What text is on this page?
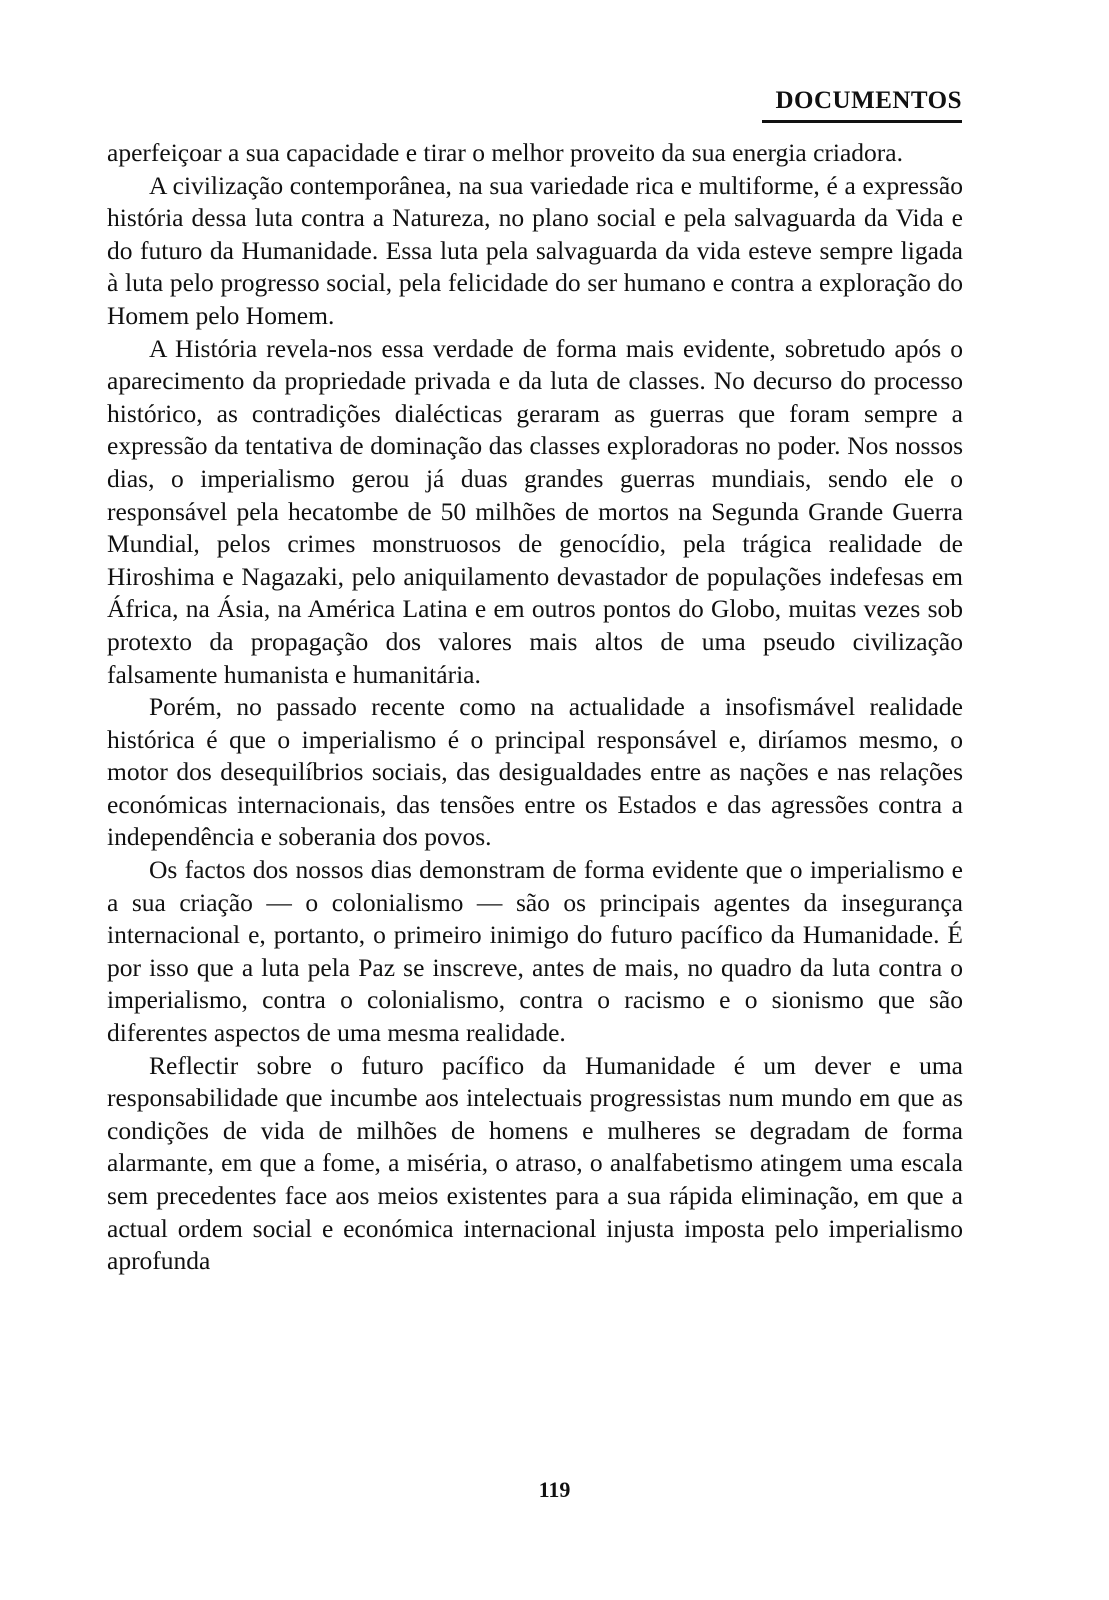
DOCUMENTOS

aperfeiçoar a sua capacidade e tirar o melhor proveito da sua energia criadora.

A civilização contemporânea, na sua variedade rica e multiforme, é a expressão história dessa luta contra a Natureza, no plano social e pela salvaguarda da Vida e do futuro da Humanidade. Essa luta pela salvaguarda da vida esteve sempre ligada à luta pelo progresso social, pela felicidade do ser humano e contra a exploração do Homem pelo Homem.

A História revela-nos essa verdade de forma mais evidente, sobretudo após o aparecimento da propriedade privada e da luta de classes. No decurso do processo histórico, as contradições dialécticas geraram as guerras que foram sempre a expressão da tentativa de dominação das classes exploradoras no poder. Nos nossos dias, o imperialismo gerou já duas grandes guerras mundiais, sendo ele o responsável pela hecatombe de 50 milhões de mortos na Segunda Grande Guerra Mundial, pelos crimes monstruosos de genocídio, pela trágica realidade de Hiroshima e Nagazaki, pelo aniquilamento devastador de populações indefesas em África, na Ásia, na América Latina e em outros pontos do Globo, muitas vezes sob protexto da propagação dos valores mais altos de uma pseudo civilização falsamente humanista e humanitária.

Porém, no passado recente como na actualidade a insofismável realidade histórica é que o imperialismo é o principal responsável e, diríamos mesmo, o motor dos desequilíbrios sociais, das desigualdades entre as nações e nas relações económicas internacionais, das tensões entre os Estados e das agressões contra a independência e soberania dos povos.

Os factos dos nossos dias demonstram de forma evidente que o imperialismo e a sua criação — o colonialismo — são os principais agentes da insegurança internacional e, portanto, o primeiro inimigo do futuro pacífico da Humanidade. É por isso que a luta pela Paz se inscreve, antes de mais, no quadro da luta contra o imperialismo, contra o colonialismo, contra o racismo e o sionismo que são diferentes aspectos de uma mesma realidade.

Reflectir sobre o futuro pacífico da Humanidade é um dever e uma responsabilidade que incumbe aos intelectuais progressistas num mundo em que as condições de vida de milhões de homens e mulheres se degradam de forma alarmante, em que a fome, a miséria, o atraso, o analfabetismo atingem uma escala sem precedentes face aos meios existentes para a sua rápida eliminação, em que a actual ordem social e económica internacional injusta imposta pelo imperialismo aprofunda

119
